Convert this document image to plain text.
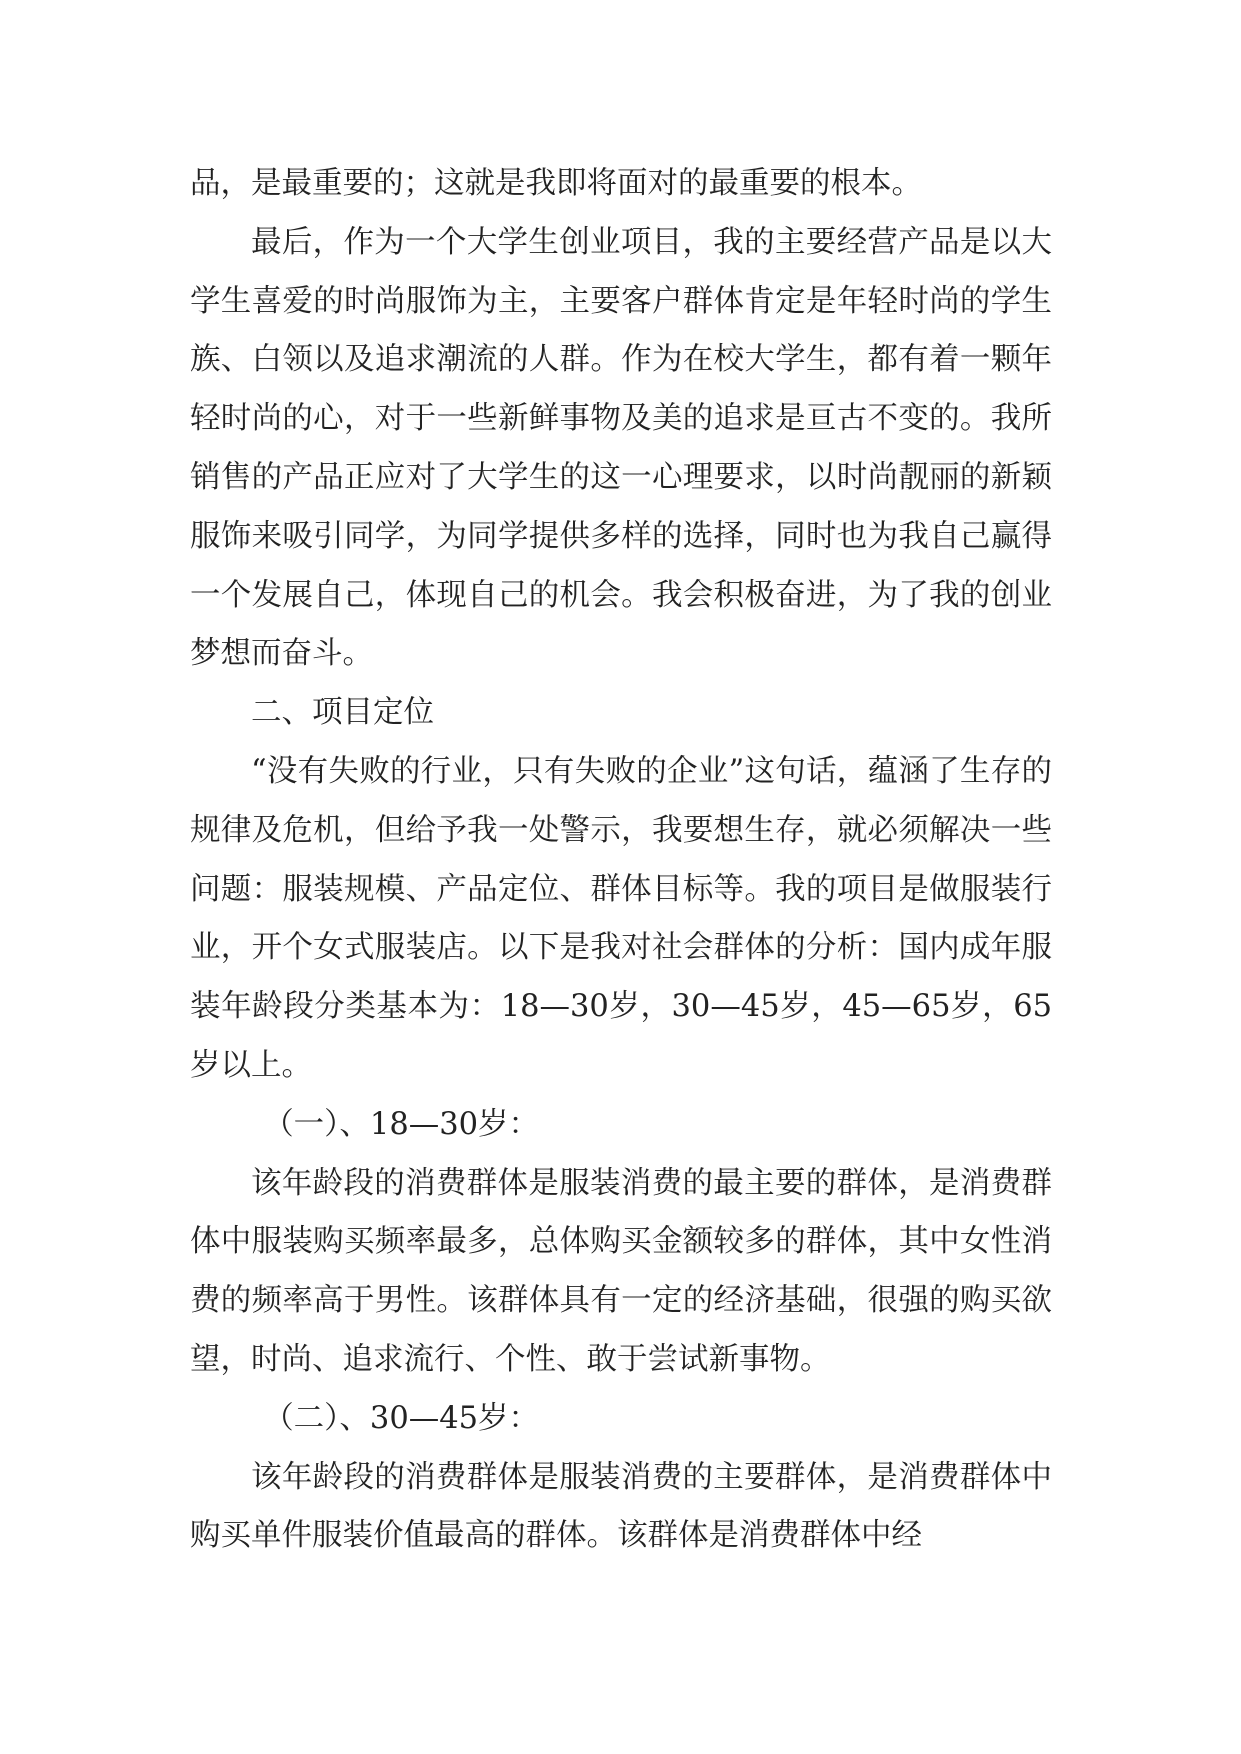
品，是最重要的；这就是我即将面对的最重要的根本。

最后，作为一个大学生创业项目，我的主要经营产品是以大学生喜爱的时尚服饰为主，主要客户群体肯定是年轻时尚的学生族、白领以及追求潮流的人群。作为在校大学生，都有着一颗年轻时尚的心，对于一些新鲜事物及美的追求是亘古不变的。我所销售的产品正应对了大学生的这一心理要求，以时尚靓丽的新颖服饰来吸引同学，为同学提供多样的选择，同时也为我自己赢得一个发展自己，体现自己的机会。我会积极奋进，为了我的创业梦想而奋斗。

二、项目定位

“没有失败的行业，只有失败的企业”这句话，蕴涵了生存的规律及危机，但给予我一处警示，我要想生存，就必须解决一些问题：服装规模、产品定位、群体目标等。我的项目是做服装行业，开个女式服装店。以下是我对社会群体的分析：国内成年服装年龄段分类基本为：18—30岁，30—45岁，45—65岁，65岁以上。

（一）、18—30岁：

该年龄段的消费群体是服装消费的最主要的群体，是消费群体中服装购买频率最多，总体购买金额较多的群体，其中女性消费的频率高于男性。该群体具有一定的经济基础，很强的购买欲望，时尚、追求流行、个性、敢于尝试新事物。

（二）、30—45岁：

该年龄段的消费群体是服装消费的主要群体，是消费群体中购买单件服装价值最高的群体。该群体是消费群体中经
